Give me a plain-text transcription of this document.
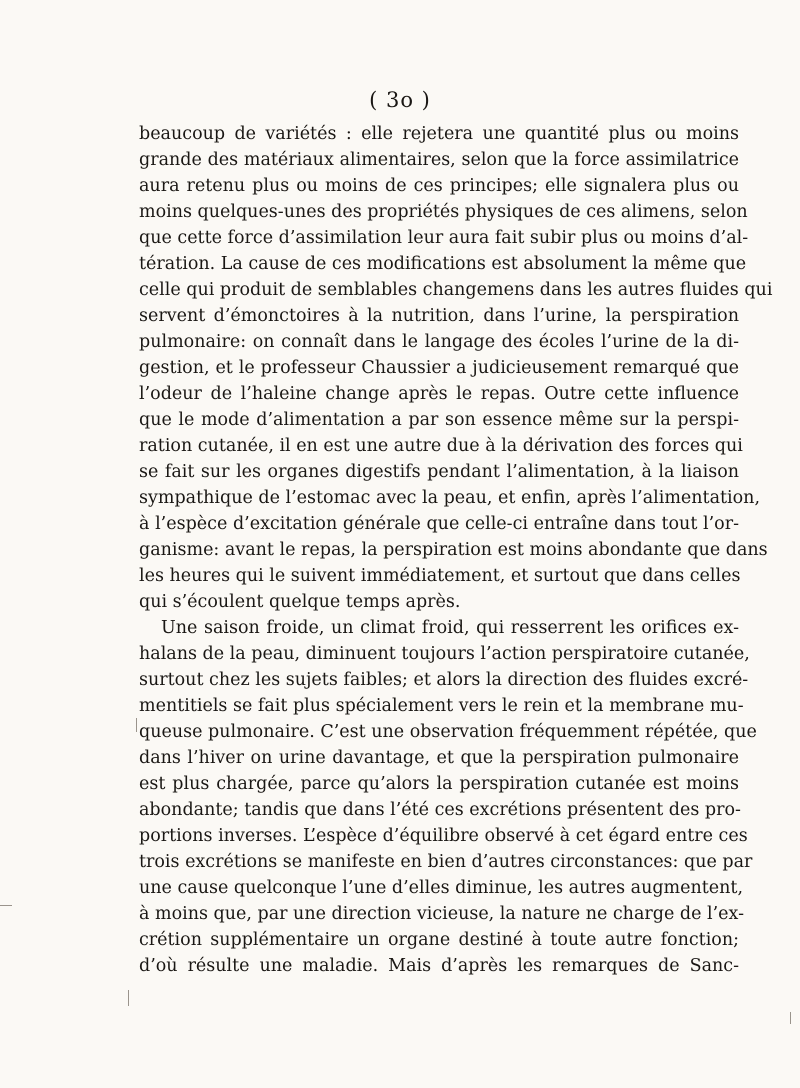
( 3o )
beaucoup de variétés : elle rejetera une quantité plus ou moins
grande des matériaux alimentaires, selon que la force assimilatrice
aura retenu plus ou moins de ces principes; elle signalera plus ou
moins quelques-unes des propriétés physiques de ces alimens, selon
que cette force d’assimilation leur aura fait subir plus ou moins d’al-
tération. La cause de ces modifications est absolument la même que
celle qui produit de semblables changemens dans les autres fluides qui
servent d’émonctoires à la nutrition, dans l’urine, la perspiration
pulmonaire: on connaît dans le langage des écoles l’urine de la di-
gestion, et le professeur Chaussier a judicieusement remarqué que
l’odeur de l’haleine change après le repas. Outre cette influence
que le mode d’alimentation a par son essence même sur la perspi-
ration cutanée, il en est une autre due à la dérivation des forces qui
se fait sur les organes digestifs pendant l’alimentation, à la liaison
sympathique de l’estomac avec la peau, et enfin, après l’alimentation,
à l’espèce d’excitation générale que celle-ci entraîne dans tout l’or-
ganisme: avant le repas, la perspiration est moins abondante que dans
les heures qui le suivent immédiatement, et surtout que dans celles
qui s’écoulent quelque temps après.
Une saison froide, un climat froid, qui resserrent les orifices ex-
halans de la peau, diminuent toujours l’action perspiratoire cutanée,
surtout chez les sujets faibles; et alors la direction des fluides excré-
mentitiels se fait plus spécialement vers le rein et la membrane mu-
queuse pulmonaire. C’est une observation fréquemment répétée, que
dans l’hiver on urine davantage, et que la perspiration pulmonaire
est plus chargée, parce qu’alors la perspiration cutanée est moins
abondante; tandis que dans l’été ces excrétions présentent des pro-
portions inverses. L’espèce d’équilibre observé à cet égard entre ces
trois excrétions se manifeste en bien d’autres circonstances: que par
une cause quelconque l’une d’elles diminue, les autres augmentent,
à moins que, par une direction vicieuse, la nature ne charge de l’ex-
crétion supplémentaire un organe destiné à toute autre fonction;
d’où résulte une maladie. Mais d’après les remarques de Sanc-
